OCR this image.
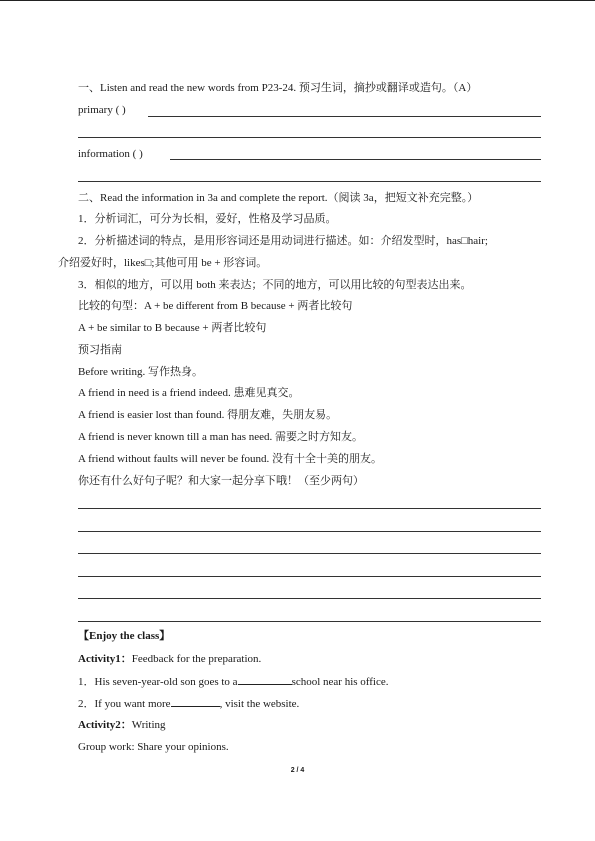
一、Listen and read the new words from P23-24. 预习生词，摘抄或翻译或造句。（A）
primary ( )
information ( )
二、Read the information in 3a and complete the report.（阅读 3a，把短文补充完整。）
1．分析词汇，可分为长相，爱好，性格及学习品质。
2．分析描述词的特点，是用形容词还是用动词进行描述。如：介绍发型时，has□hair;
介绍爱好时，likes□;其他可用 be + 形容词。
3．相似的地方，可以用 both 来表达；不同的地方，可以用比较的句型表达出来。
比较的句型：A + be different from B because + 两者比较句
A + be similar to B because + 两者比较句
预习指南
Before writing. 写作热身。
A friend in need is a friend indeed. 患难见真交。
A friend is easier lost than found. 得朋友难，失朋友易。
A friend is never known till a man has need. 需要之时方知友。
A friend without faults will never be found. 没有十全十美的朋友。
你还有什么好句子呢？和大家一起分享下哦！（至少两句）
【Enjoy the class】
Activity1：Feedback for the preparation.
1．His seven-year-old son goes to a	school near his office.
2．If you want more	, visit the website.
Activity2：Writing
Group work: Share your opinions.
2 / 4
